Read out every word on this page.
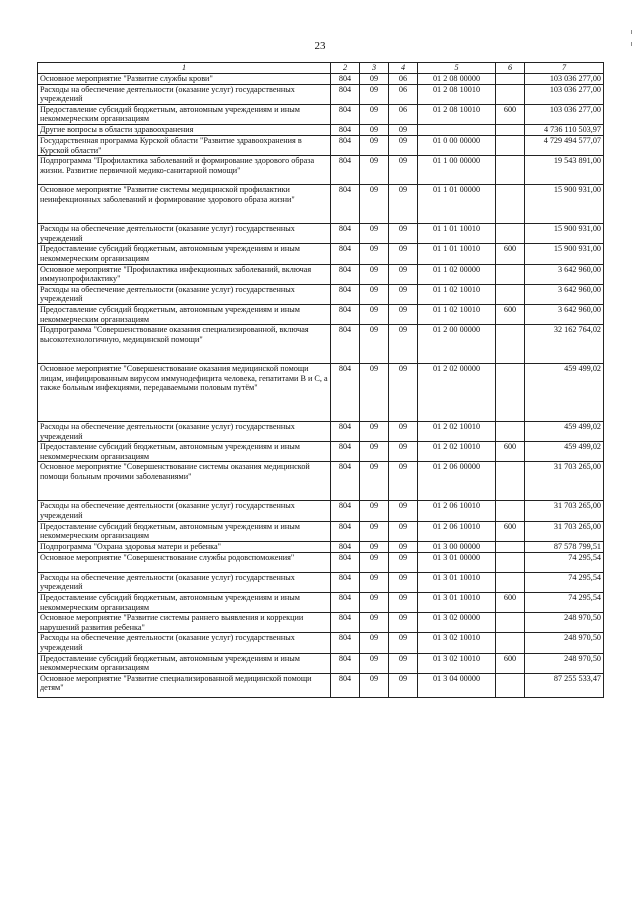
23
1	2	3	4	5	6	7
Основное мероприятие "Развитие службы крови"	804	09	06	01 2 08 00000		103 036 277,00
Расходы на обеспечение деятельности (оказание услуг) государственных учреждений	804	09	06	01 2 08 10010		103 036 277,00
Предоставление субсидий бюджетным, автономным учреждениям и иным некоммерческим организациям	804	09	06	01 2 08 10010	600	103 036 277,00
Другие вопросы в области здравоохранения	804	09	09			4 736 110 503,97
Государственная программа Курской области "Развитие здравоохранения в Курской области"	804	09	09	01 0 00 00000		4 729 494 577,07
Подпрограмма "Профилактика заболеваний и формирование здорового образа жизни. Развитие первичной медико-санитарной помощи"	804	09	09	01 1 00 00000		19 543 891,00
Основное мероприятие "Развитие системы медицинской профилактики неинфекционных заболеваний и формирование здорового образа жизни"	804	09	09	01 1 01 00000		15 900 931,00
Расходы на обеспечение деятельности (оказание услуг) государственных учреждений	804	09	09	01 1 01 10010		15 900 931,00
Предоставление субсидий бюджетным, автономным учреждениям и иным некоммерческим организациям	804	09	09	01 1 01 10010	600	15 900 931,00
Основное мероприятие "Профилактика инфекционных заболеваний, включая иммунопрофилактику"	804	09	09	01 1 02 00000		3 642 960,00
Расходы на обеспечение деятельности (оказание услуг) государственных учреждений	804	09	09	01 1 02 10010		3 642 960,00
Предоставление субсидий бюджетным, автономным учреждениям и иным некоммерческим организациям	804	09	09	01 1 02 10010	600	3 642 960,00
Подпрограмма "Совершенствование оказания специализированной, включая высокотехнологичную, медицинской помощи"	804	09	09	01 2 00 00000		32 162 764,02
Основное мероприятие "Совершенствование оказания медицинской помощи лицам, инфицированным вирусом иммунодефицита человека, гепатитами В и С, а также больным инфекциями, передаваемыми половым путём"	804	09	09	01 2 02 00000		459 499,02
Расходы на обеспечение деятельности (оказание услуг) государственных учреждений	804	09	09	01 2 02 10010		459 499,02
Предоставление субсидий бюджетным, автономным учреждениям и иным некоммерческим организациям	804	09	09	01 2 02 10010	600	459 499,02
Основное мероприятие "Совершенствование системы оказания медицинской помощи больным прочими заболеваниями"	804	09	09	01 2 06 00000		31 703 265,00
Расходы на обеспечение деятельности (оказание услуг) государственных учреждений	804	09	09	01 2 06 10010		31 703 265,00
Предоставление субсидий бюджетным, автономным учреждениям и иным некоммерческим организациям	804	09	09	01 2 06 10010	600	31 703 265,00
Подпрограмма "Охрана здоровья матери и ребенка"	804	09	09	01 3 00 00000		87 578 799,51
Основное мероприятие "Совершенствование службы родовспоможения"	804	09	09	01 3 01 00000		74 295,54
Расходы на обеспечение деятельности (оказание услуг) государственных учреждений	804	09	09	01 3 01 10010		74 295,54
Предоставление субсидий бюджетным, автономным учреждениям и иным некоммерческим организациям	804	09	09	01 3 01 10010	600	74 295,54
Основное мероприятие "Развитие системы раннего выявления и коррекции нарушений развития ребенка"	804	09	09	01 3 02 00000		248 970,50
Расходы на обеспечение деятельности (оказание услуг) государственных учреждений	804	09	09	01 3 02 10010		248 970,50
Предоставление субсидий бюджетным, автономным учреждениям и иным некоммерческим организациям	804	09	09	01 3 02 10010	600	248 970,50
Основное мероприятие "Развитие специализированной медицинской помощи детям"	804	09	09	01 3 04 00000		87 255 533,47
